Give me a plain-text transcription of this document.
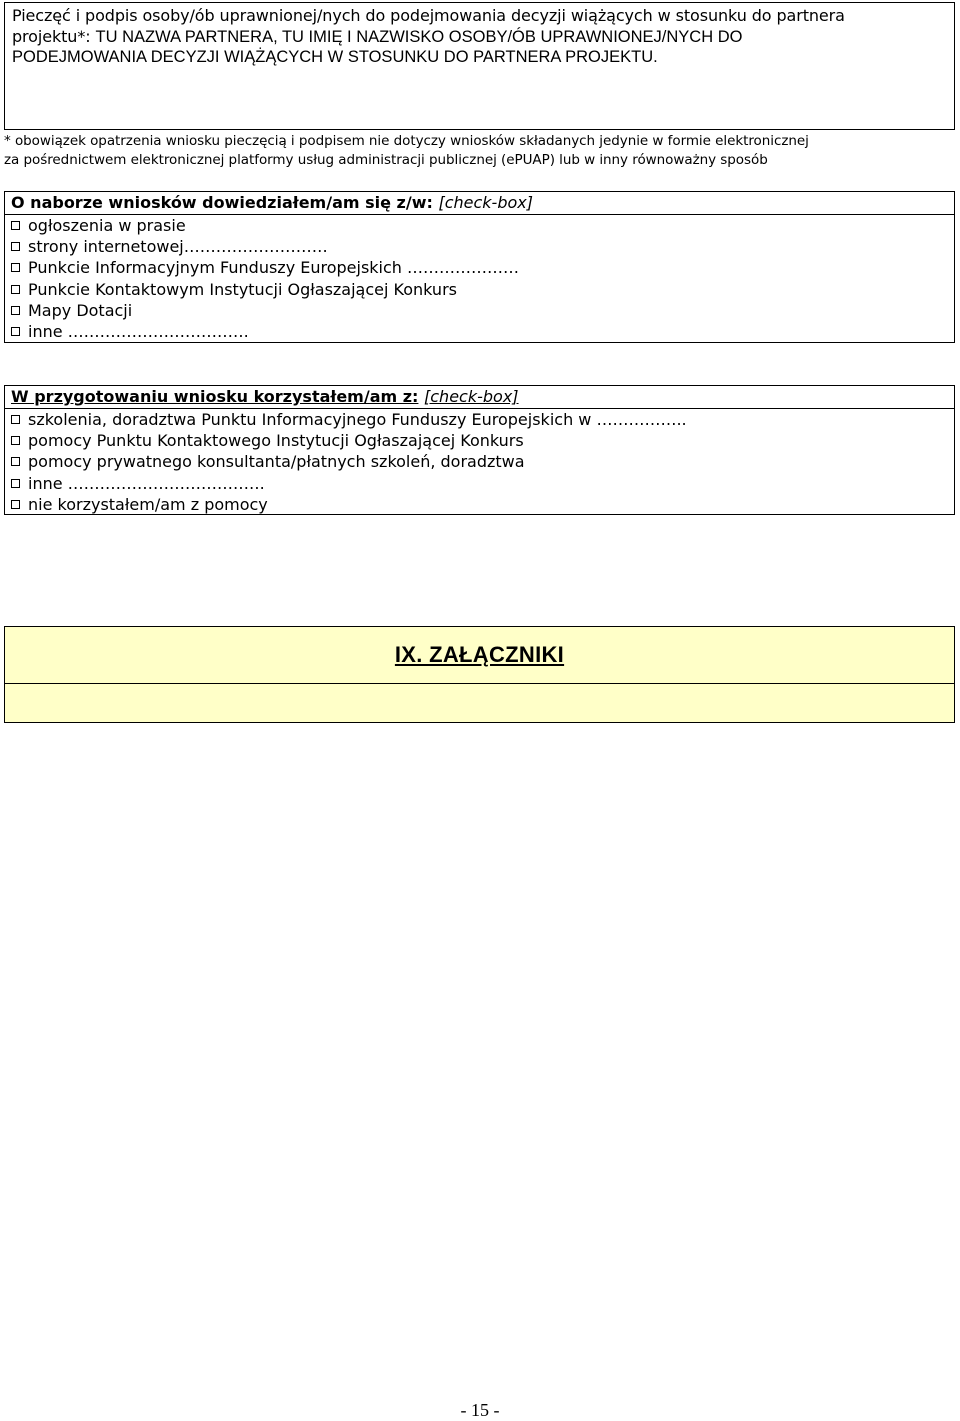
Pieczęć i podpis osoby/ób uprawnionej/nych do podejmowania decyzji wiążących w stosunku do partnera
projektu*: TU NAZWA PARTNERA, TU IMIĘ I NAZWISKO OSOBY/ÓB UPRAWNIONEJ/NYCH DO
PODEJMOWANIA DECYZJI WIĄŻĄCYCH W STOSUNKU DO PARTNERA PROJEKTU.
* obowiązek opatrzenia wniosku pieczęcią i podpisem nie dotyczy wniosków składanych jedynie w formie elektronicznej
za pośrednictwem elektronicznej platformy usług administracji publicznej (ePUAP) lub w inny równoważny sposób
O naborze wniosków dowiedziałem/am się z/w: [check-box]
ogłoszenia w prasie
strony internetowej………………………
Punkcie Informacyjnym Funduszy Europejskich …………………
Punkcie Kontaktowym Instytucji Ogłaszającej Konkurs
Mapy Dotacji
inne …………………………….
W przygotowaniu wniosku korzystałem/am z: [check-box]
szkolenia, doradztwa Punktu Informacyjnego Funduszy Europejskich w ……………..
pomocy Punktu Kontaktowego Instytucji Ogłaszającej Konkurs
pomocy prywatnego konsultanta/płatnych szkoleń, doradztwa
inne ……………………………….
nie korzystałem/am z pomocy
IX. ZAŁĄCZNIKI
- 15 -
